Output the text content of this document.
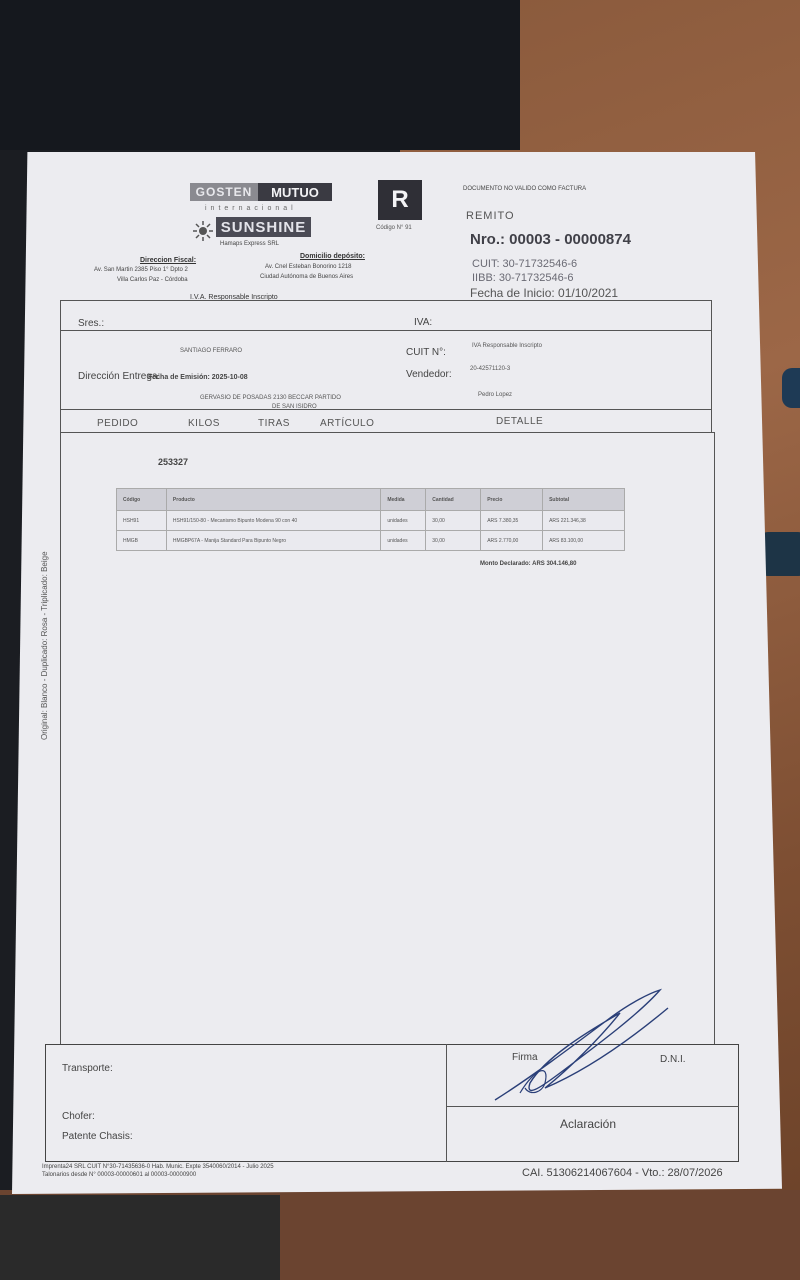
GOSTEN	MUTUO
internacional
SUNSHINE
Hamaps Express SRL
R
Código N° 91
DOCUMENTO NO VALIDO COMO FACTURA
REMITO
Nro.: 00003 - 00000874
CUIT: 30-71732546-6
IIBB: 30-71732546-6
Fecha de Inicio: 01/10/2021
Direccion Fiscal:
Av. San Martin 2385 Piso 1° Dpto 2
Villa Carlos Paz - Córdoba
Domicilio depósito:
Av. Cnel Esteban Bonorino 1218
Ciudad Autónoma de Buenos Aires
I.V.A. Responsable Inscripto
Sres.:	IVA:
SANTIAGO FERRARO	CUIT N°:
IVA Responsable Inscripto
Vendedor:	20-42571120-3
Dirección Entrega:
Fecha de Emisión: 2025-10-08
GERVASIO DE POSADAS 2130 BECCAR PARTIDO	Pedro Lopez
DE SAN ISIDRO
PEDIDO	KILOS	TIRAS	ARTÍCULO	DETALLE
253327
Código	Producto	Medida	Cantidad	Precio	Subtotal
HSH91	HSH91/150-80 - Mecanismo Bipunto Modena 90 con 40	unidades	30,00	ARS 7.380,35	ARS 221.346,38
HMGB	HMGBP67A - Manija Standard Para Bipunto Negro	unidades	30,00	ARS 2.770,00	ARS 83.100,00
Monto Declarado: ARS 304.146,80
Original: Blanco - Duplicado: Rosa - Triplicado: Beige
Transporte:
Chofer:
Patente Chasis:
Firma	D.N.I.
Aclaración
Imprenta24 SRL CUIT N°30-71435636-0 Hab. Munic. Expte 3540060/2014 - Julio 2025
Talonarios desde N° 00003-00000601 al 00003-00000900	CAI. 51306214067604 - Vto.: 28/07/2026
